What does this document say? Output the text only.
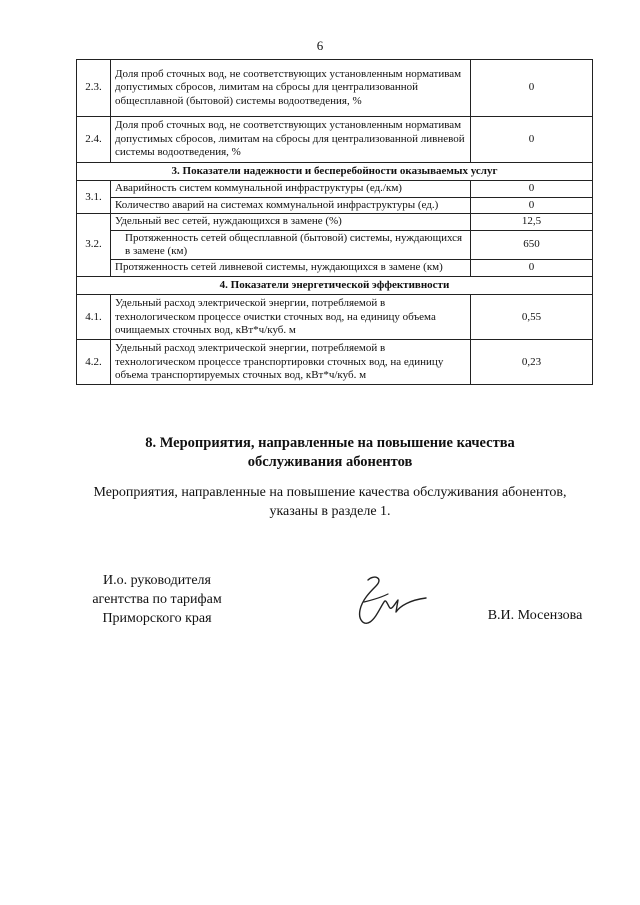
6
2.3.	Доля проб сточных вод, не соответствующих установленным нормативам допустимых сбросов, лимитам на сбросы для централизованной общесплавной (бытовой) системы водоотведения, %	0
2.4.	Доля проб сточных вод, не соответствующих установленным нормативам допустимых сбросов, лимитам на сбросы для централизованной ливневой системы водоотведения, %	0
3. Показатели надежности и бесперебойности оказываемых услуг		
3.1.	Аварийность систем коммунальной инфраструктуры (ед./км)	0
	Количество аварий на системах коммунальной инфраструктуры (ед.)	0
3.2.	Удельный вес сетей, нуждающихся в замене (%)	12,5
	Протяженность сетей общесплавной (бытовой) системы, нуждающихся в замене (км)	650
	Протяженность сетей ливневой системы, нуждающихся в замене (км)	0
4. Показатели энергетической эффективности		
4.1.	Удельный расход электрической энергии, потребляемой в технологическом процессе очистки сточных вод, на единицу объема очищаемых сточных вод, кВт*ч/куб. м	0,55
4.2.	Удельный расход электрической энергии, потребляемой в технологическом процессе транспортировки сточных вод, на единицу объема транспортируемых сточных вод, кВт*ч/куб. м	0,23
8. Мероприятия, направленные на повышение качества
обслуживания абонентов
Мероприятия, направленные на повышение качества обслуживания абонентов,
указаны в разделе 1.
И.о. руководителя
агентства по тарифам
Приморского края	В.И. Мосензова
